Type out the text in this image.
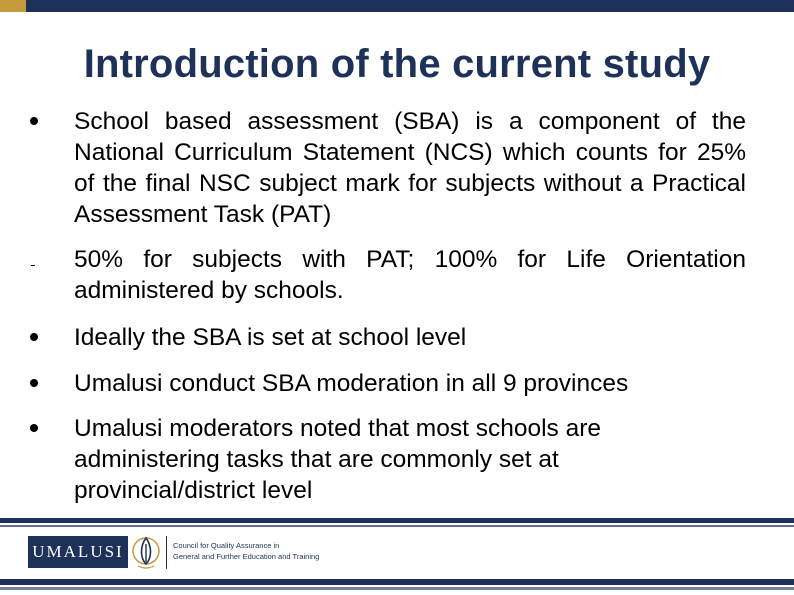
Introduction of the current study
School based assessment (SBA) is a component of the National Curriculum Statement (NCS) which counts for 25% of the final NSC subject mark for subjects without a Practical Assessment Task (PAT)
50% for subjects with PAT; 100% for Life Orientation administered by schools.
Ideally the SBA is set at school level
Umalusi conduct SBA moderation in all 9 provinces
Umalusi moderators noted that most schools are administering tasks that are commonly set at provincial/district level
UMALUSI	Council for Quality Assurance in
General and Further Education and Training
